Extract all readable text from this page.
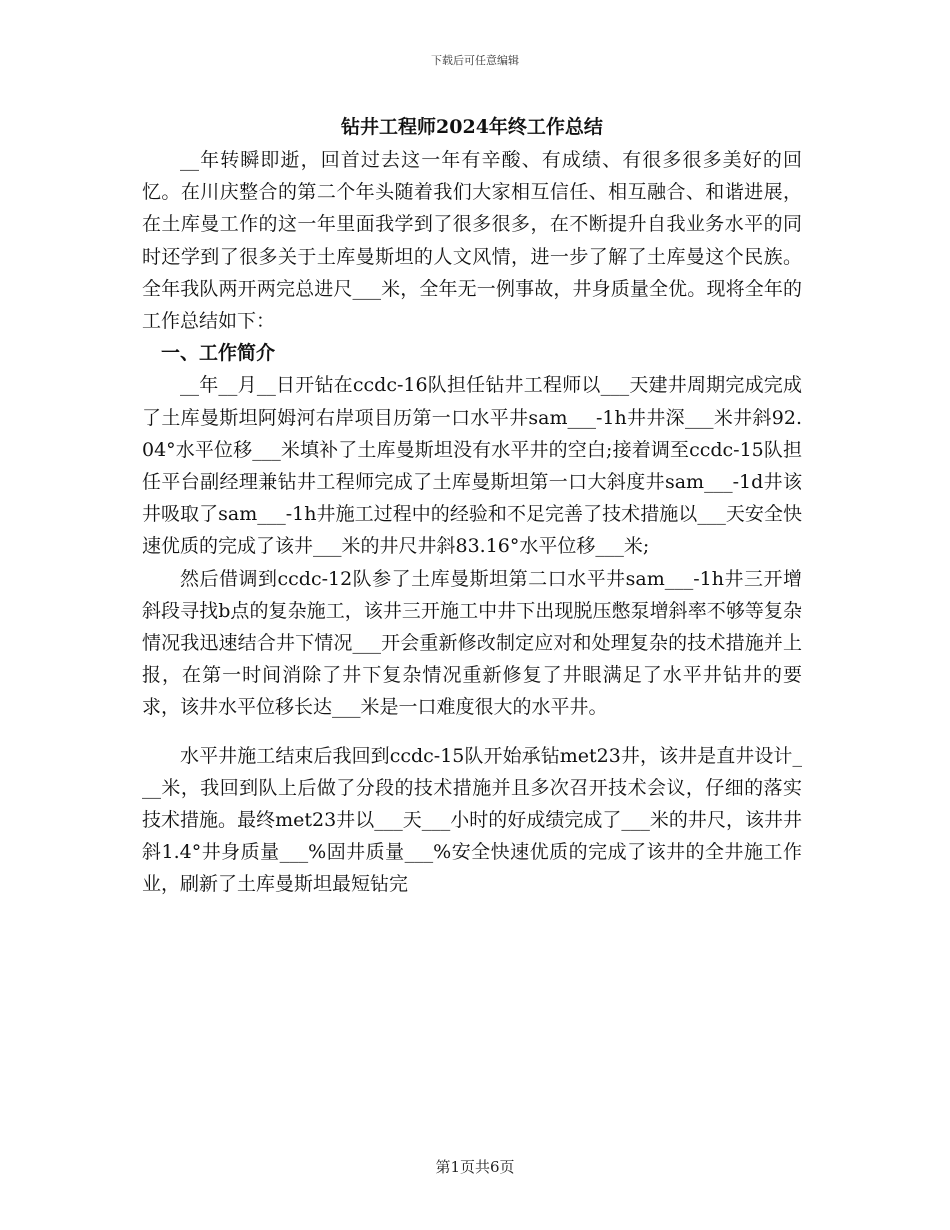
下载后可任意编辑
钻井工程师2024年终工作总结

__年转瞬即逝，回首过去这一年有辛酸、有成绩、有很多很多美好的回忆。在川庆整合的第二个年头随着我们大家相互信任、相互融合、和谐进展，在土库曼工作的这一年里面我学到了很多很多，在不断提升自我业务水平的同时还学到了很多关于土库曼斯坦的人文风情，进一步了解了土库曼这个民族。全年我队两开两完总进尺___米，全年无一例事故，井身质量全优。现将全年的工作总结如下：

一、工作简介

__年__月__日开钻在ccdc-16队担任钻井工程师以___天建井周期完成完成了土库曼斯坦阿姆河右岸项目历第一口水平井sam___-1h井井深___米井斜92.04°水平位移___米填补了土库曼斯坦没有水平井的空白;接着调至ccdc-15队担任平台副经理兼钻井工程师完成了土库曼斯坦第一口大斜度井sam___-1d井该井吸取了sam___-1h井施工过程中的经验和不足完善了技术措施以___天安全快速优质的完成了该井___米的井尺井斜83.16°水平位移___米;

然后借调到ccdc-12队参了土库曼斯坦第二口水平井sam___-1h井三开增斜段寻找b点的复杂施工，该井三开施工中井下出现脱压憋泵增斜率不够等复杂情况我迅速结合井下情况___开会重新修改制定应对和处理复杂的技术措施并上报，在第一时间消除了井下复杂情况重新修复了井眼满足了水平井钻井的要求，该井水平位移长达___米是一口难度很大的水平井。

水平井施工结束后我回到ccdc-15队开始承钻met23井，该井是直井设计___米，我回到队上后做了分段的技术措施并且多次召开技术会议，仔细的落实技术措施。最终met23井以___天___小时的好成绩完成了___米的井尺，该井井斜1.4°井身质量___%固井质量___%安全快速优质的完成了该井的全井施工作业，刷新了土库曼斯坦最短钻完

第1页共6页
